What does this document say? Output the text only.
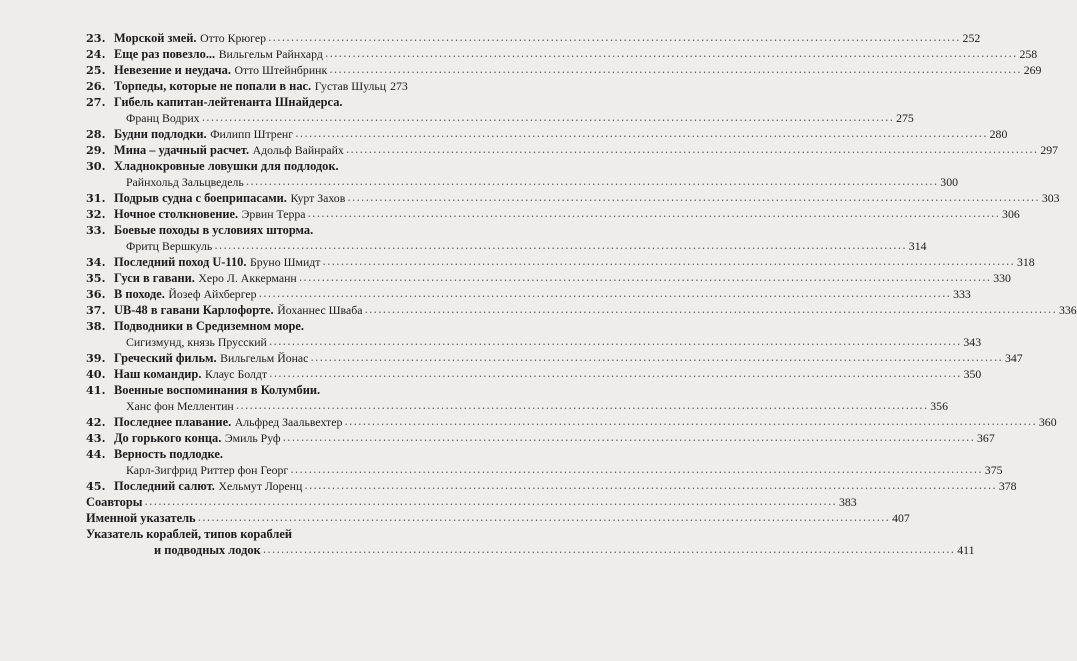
23. Морской змей. Отто Крюгер .....	252
24. Еще раз повезло... Вильгельм Райнхард .....	258
25. Невезение и неудача. Отто Штейнбринк .....	269
26. Торпеды, которые не попали в нас. Густав Шульц 273
27. Гибель капитан-лейтенанта Шнайдерса.
Франц Водрих .....	275
28. Будни подлодки. Филипп Штренг .....	280
29. Мина – удачный расчет. Адольф Вайнрайх .....	297
30. Хладнокровные ловушки для подлодок.
Райнхольд Зальцведель .....	300
31. Подрыв судна с боеприпасами. Курт Захов .....	303
32. Ночное столкновение. Эрвин Терра .....	306
33. Боевые походы в условиях шторма.
Фритц Вершкуль .....	314
34. Последний поход U-110. Бруно Шмидт .....	318
35. Гуси в гавани. Херо Л. Аккерманн .....	330
36. В походе. Йозеф Айхбергер .....	333
37. UB-48 в гавани Карлофорте. Йоханнес Шваба .....	336
38. Подводники в Средиземном море.
Сигизмунд, князь Прусский .....	343
39. Греческий фильм. Вильгельм Йонас .....	347
40. Наш командир. Клаус Болдт .....	350
41. Военные воспоминания в Колумбии.
Ханс фон Меллентин .....	356
42. Последнее плавание. Альфред Заальвехтер .....	360
43. До горького конца. Эмиль Руф .....	367
44. Верность подлодке.
Карл-Зигфрид Риттер фон Георг .....	375
45. Последний салют. Хельмут Лоренц .....	378
Соавторы .....	383
Именной указатель .....	407
Указатель кораблей, типов кораблей
и подводных лодок .....	411
